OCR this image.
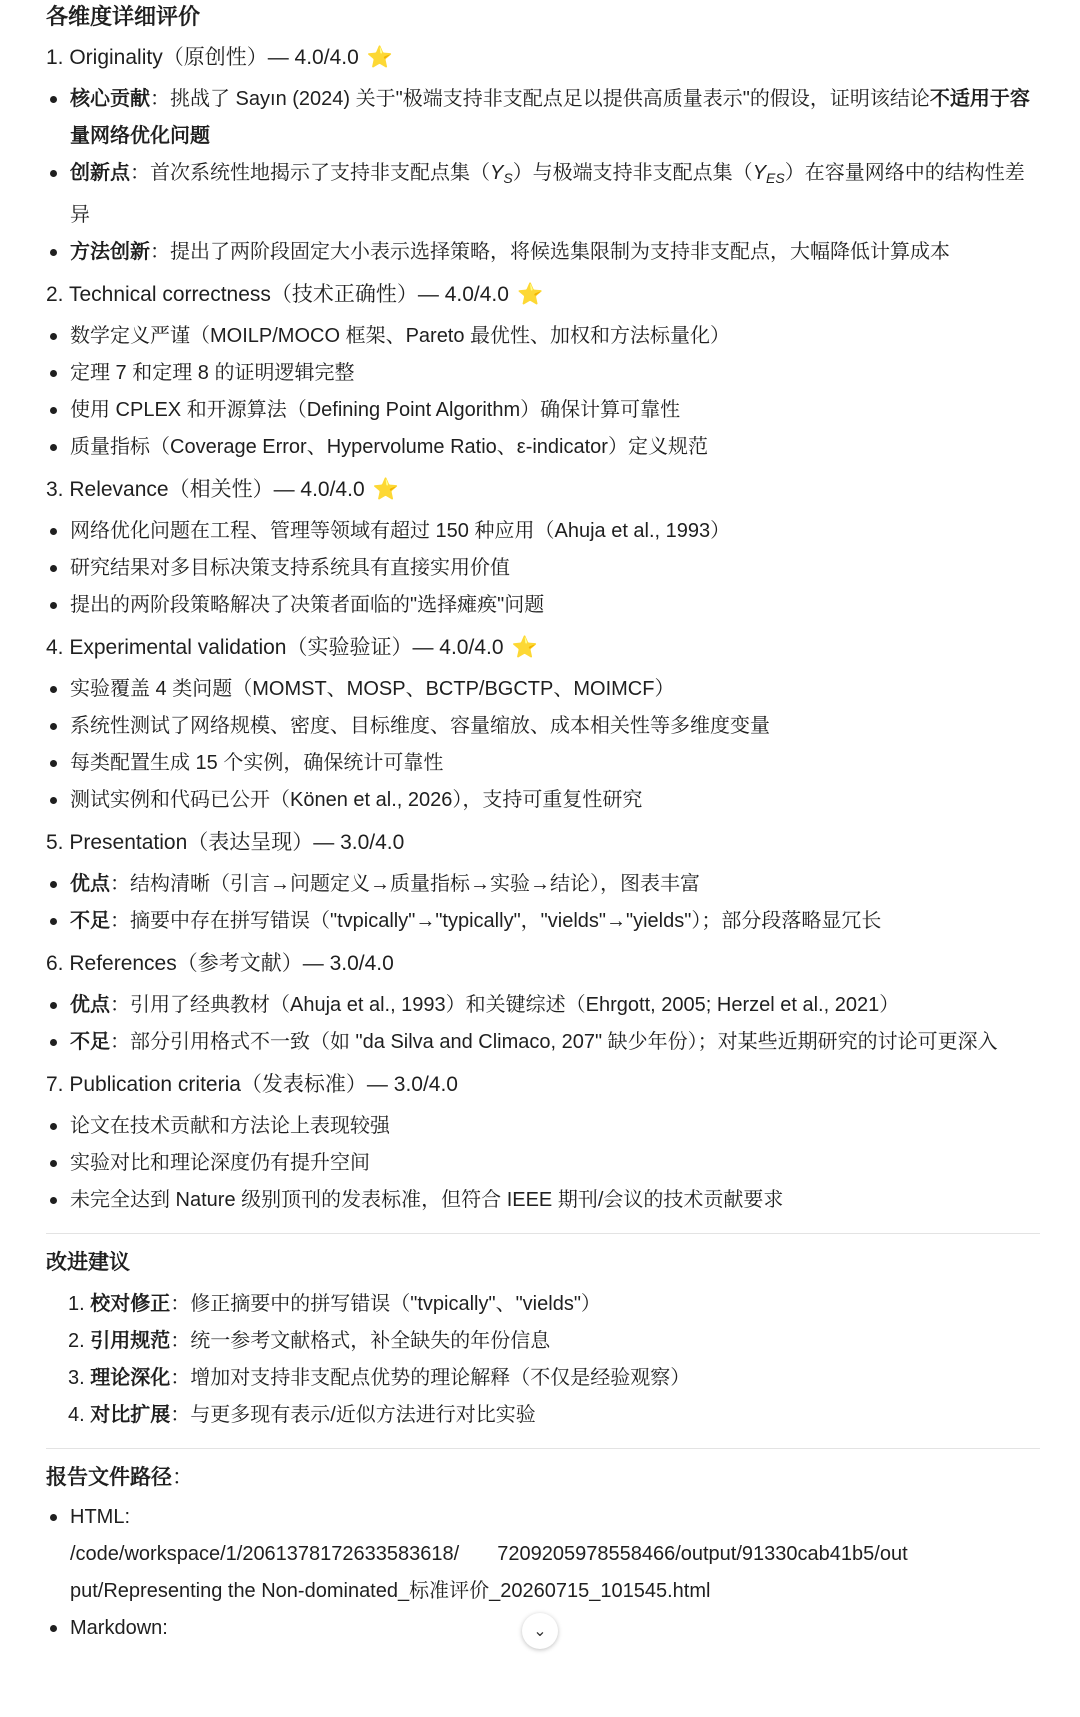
各维度详细评价
1. Originality（原创性）— 4.0/4.0 ⭐
核心贡献：挑战了 Sayın (2024) 关于"极端支持非支配点足以提供高质量表示"的假设，证明该结论不适用于容量网络优化问题
创新点：首次系统性地揭示了支持非支配点集$(Y_S)$与极端支持非支配点集$(Y_{ES})$在容量网络中的结构性差异
方法创新：提出了两阶段固定大小表示选择策略，将候选集限制为支持非支配点，大幅降低计算成本
2. Technical correctness（技术正确性）— 4.0/4.0 ⭐
数学定义严谨（MOILP/MOCO 框架、Pareto 最优性、加权和方法标量化）
定理 7 和定理 8 的证明逻辑完整
使用 CPLEX 和开源算法（Defining Point Algorithm）确保计算可靠性
质量指标（Coverage Error、Hypervolume Ratio、ε-indicator）定义规范
3. Relevance（相关性）— 4.0/4.0 ⭐
网络优化问题在工程、管理等领域有超过 150 种应用（Ahuja et al., 1993）
研究结果对多目标决策支持系统具有直接实用价值
提出的两阶段策略解决了决策者面临的"选择瘫痪"问题
4. Experimental validation（实验验证）— 4.0/4.0 ⭐
实验覆盖 4 类问题（MOMST、MOSP、BCTP/BGCTP、MOIMCF）
系统性测试了网络规模、密度、目标维度、容量缩放、成本相关性等多维度变量
每类配置生成 15 个实例，确保统计可靠性
测试实例和代码已公开（Könen et al., 2026），支持可重复性研究
5. Presentation（表达呈现）— 3.0/4.0
优点：结构清晰（引言→问题定义→质量指标→实验→结论），图表丰富
不足：摘要中存在拼写错误（"tvpically"→"typically"，"vields"→"yields"）；部分段落略显冗长
6. References（参考文献）— 3.0/4.0
优点：引用了经典教材（Ahuja et al., 1993）和关键综述（Ehrgott, 2005; Herzel et al., 2021）
不足：部分引用格式不一致（如 "da Silva and Climaco, 207" 缺少年份）；对某些近期研究的讨论可更深入
7. Publication criteria（发表标准）— 3.0/4.0
论文在技术贡献和方法论上表现较强
实验对比和理论深度仍有提升空间
未完全达到 Nature 级别顶刊的发表标准，但符合 IEEE 期刊/会议的技术贡献要求
改进建议
1. 校对修正：修正摘要中的拼写错误（"tvpically"、"vields"）
2. 引用规范：统一参考文献格式，补全缺失的年份信息
3. 理论深化：增加对支持非支配点优势的理论解释（不仅是经验观察）
4. 对比扩展：与更多现有表示/近似方法进行对比实验
报告文件路径：
HTML:
/code/workspace/1/2061378172633583618/ 7209205978558466/output/91330cab41b5/out
put/Representing the Non-dominated_标准评价_20260715_101545.html
Markdown:	⌄
